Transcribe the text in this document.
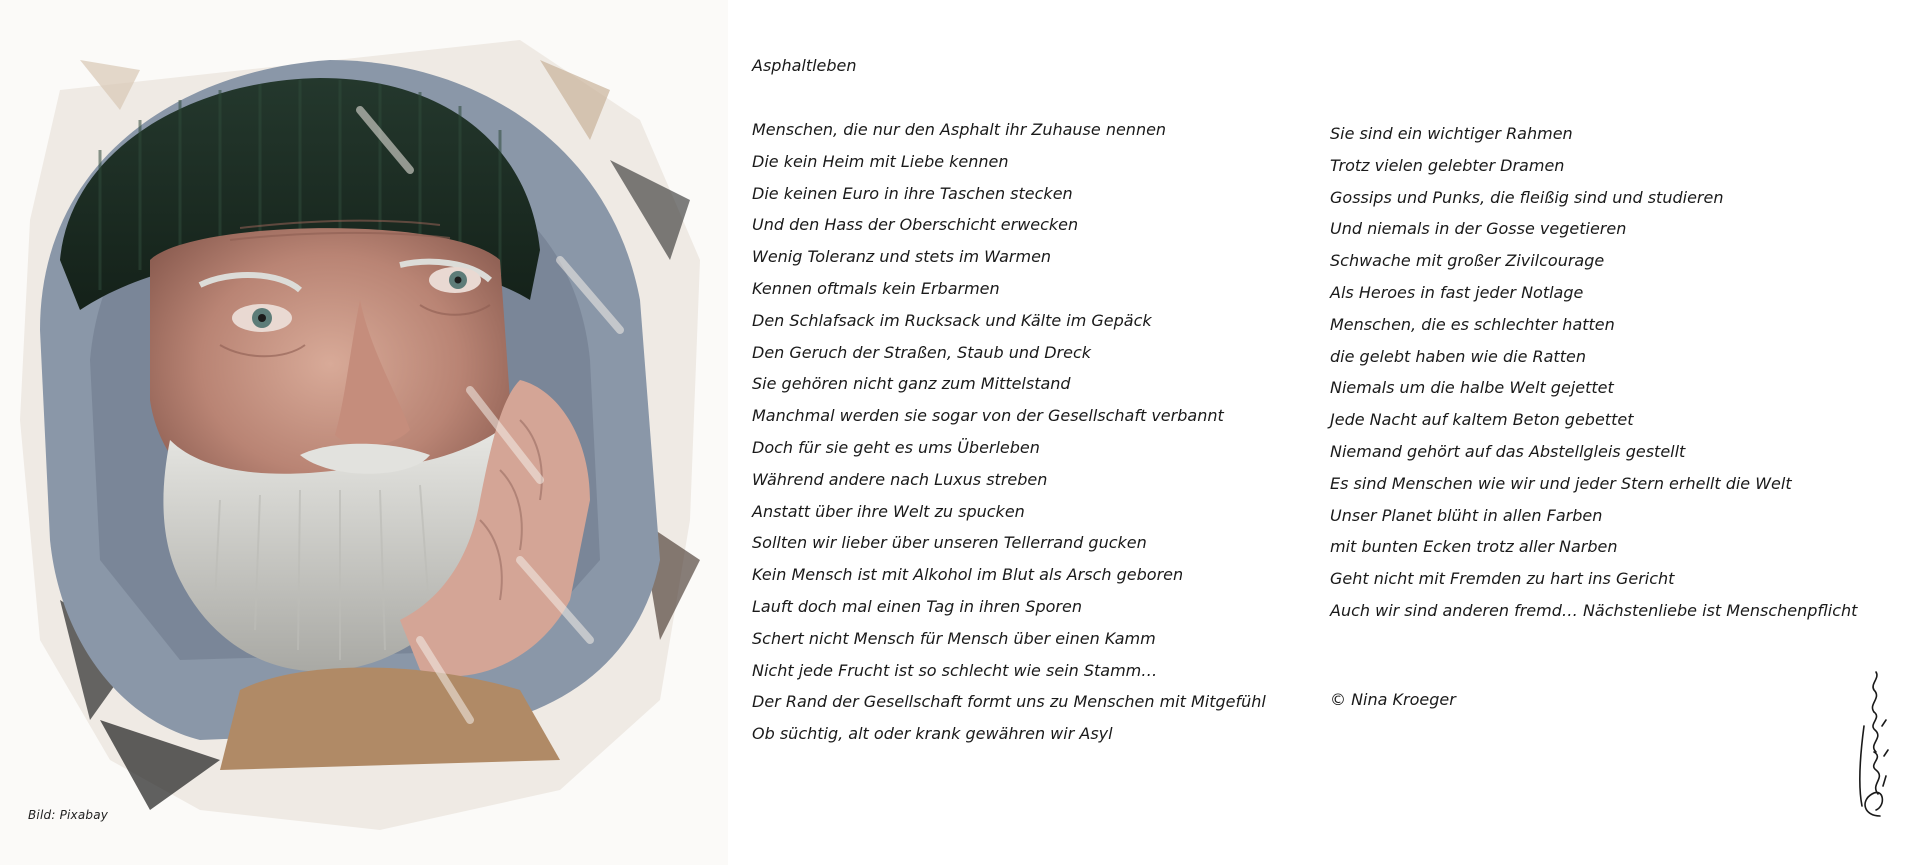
Bild: Pixabay
Asphaltleben
Menschen, die nur den Asphalt ihr Zuhause nennen
Die kein Heim mit Liebe kennen
Die keinen Euro in ihre Taschen stecken
Und den Hass der Oberschicht erwecken
Wenig Toleranz und stets im Warmen
Kennen oftmals kein Erbarmen
Den Schlafsack im Rucksack und Kälte im Gepäck
Den Geruch der Straßen, Staub und Dreck
Sie gehören nicht ganz zum Mittelstand
Manchmal werden sie sogar von der Gesellschaft verbannt
Doch für sie geht es ums Überleben
Während andere nach Luxus streben
Anstatt über ihre Welt zu spucken
Sollten wir lieber über unseren Tellerrand gucken
Kein Mensch ist mit Alkohol im Blut als Arsch geboren
Lauft doch mal einen Tag in ihren Sporen
Schert nicht Mensch für Mensch über einen Kamm
Nicht jede Frucht ist so schlecht wie sein Stamm…
Der Rand der Gesellschaft formt uns zu Menschen mit Mitgefühl
Ob süchtig, alt oder krank gewähren wir Asyl
Sie sind ein wichtiger Rahmen
Trotz vielen gelebter Dramen
Gossips und Punks, die fleißig sind und studieren
Und niemals in der Gosse vegetieren
Schwache mit großer Zivilcourage
Als Heroes in fast jeder Notlage
Menschen, die es schlechter hatten
die gelebt haben wie die Ratten
Niemals um die halbe Welt gejettet
Jede Nacht auf kaltem Beton gebettet
Niemand gehört auf das Abstellgleis gestellt
Es sind Menschen wie wir und jeder Stern erhellt die Welt
Unser Planet blüht in allen Farben
mit bunten Ecken trotz aller Narben
Geht nicht mit Fremden zu hart ins Gericht
Auch wir sind anderen fremd… Nächstenliebe ist Menschenpflicht
© Nina Kroeger
